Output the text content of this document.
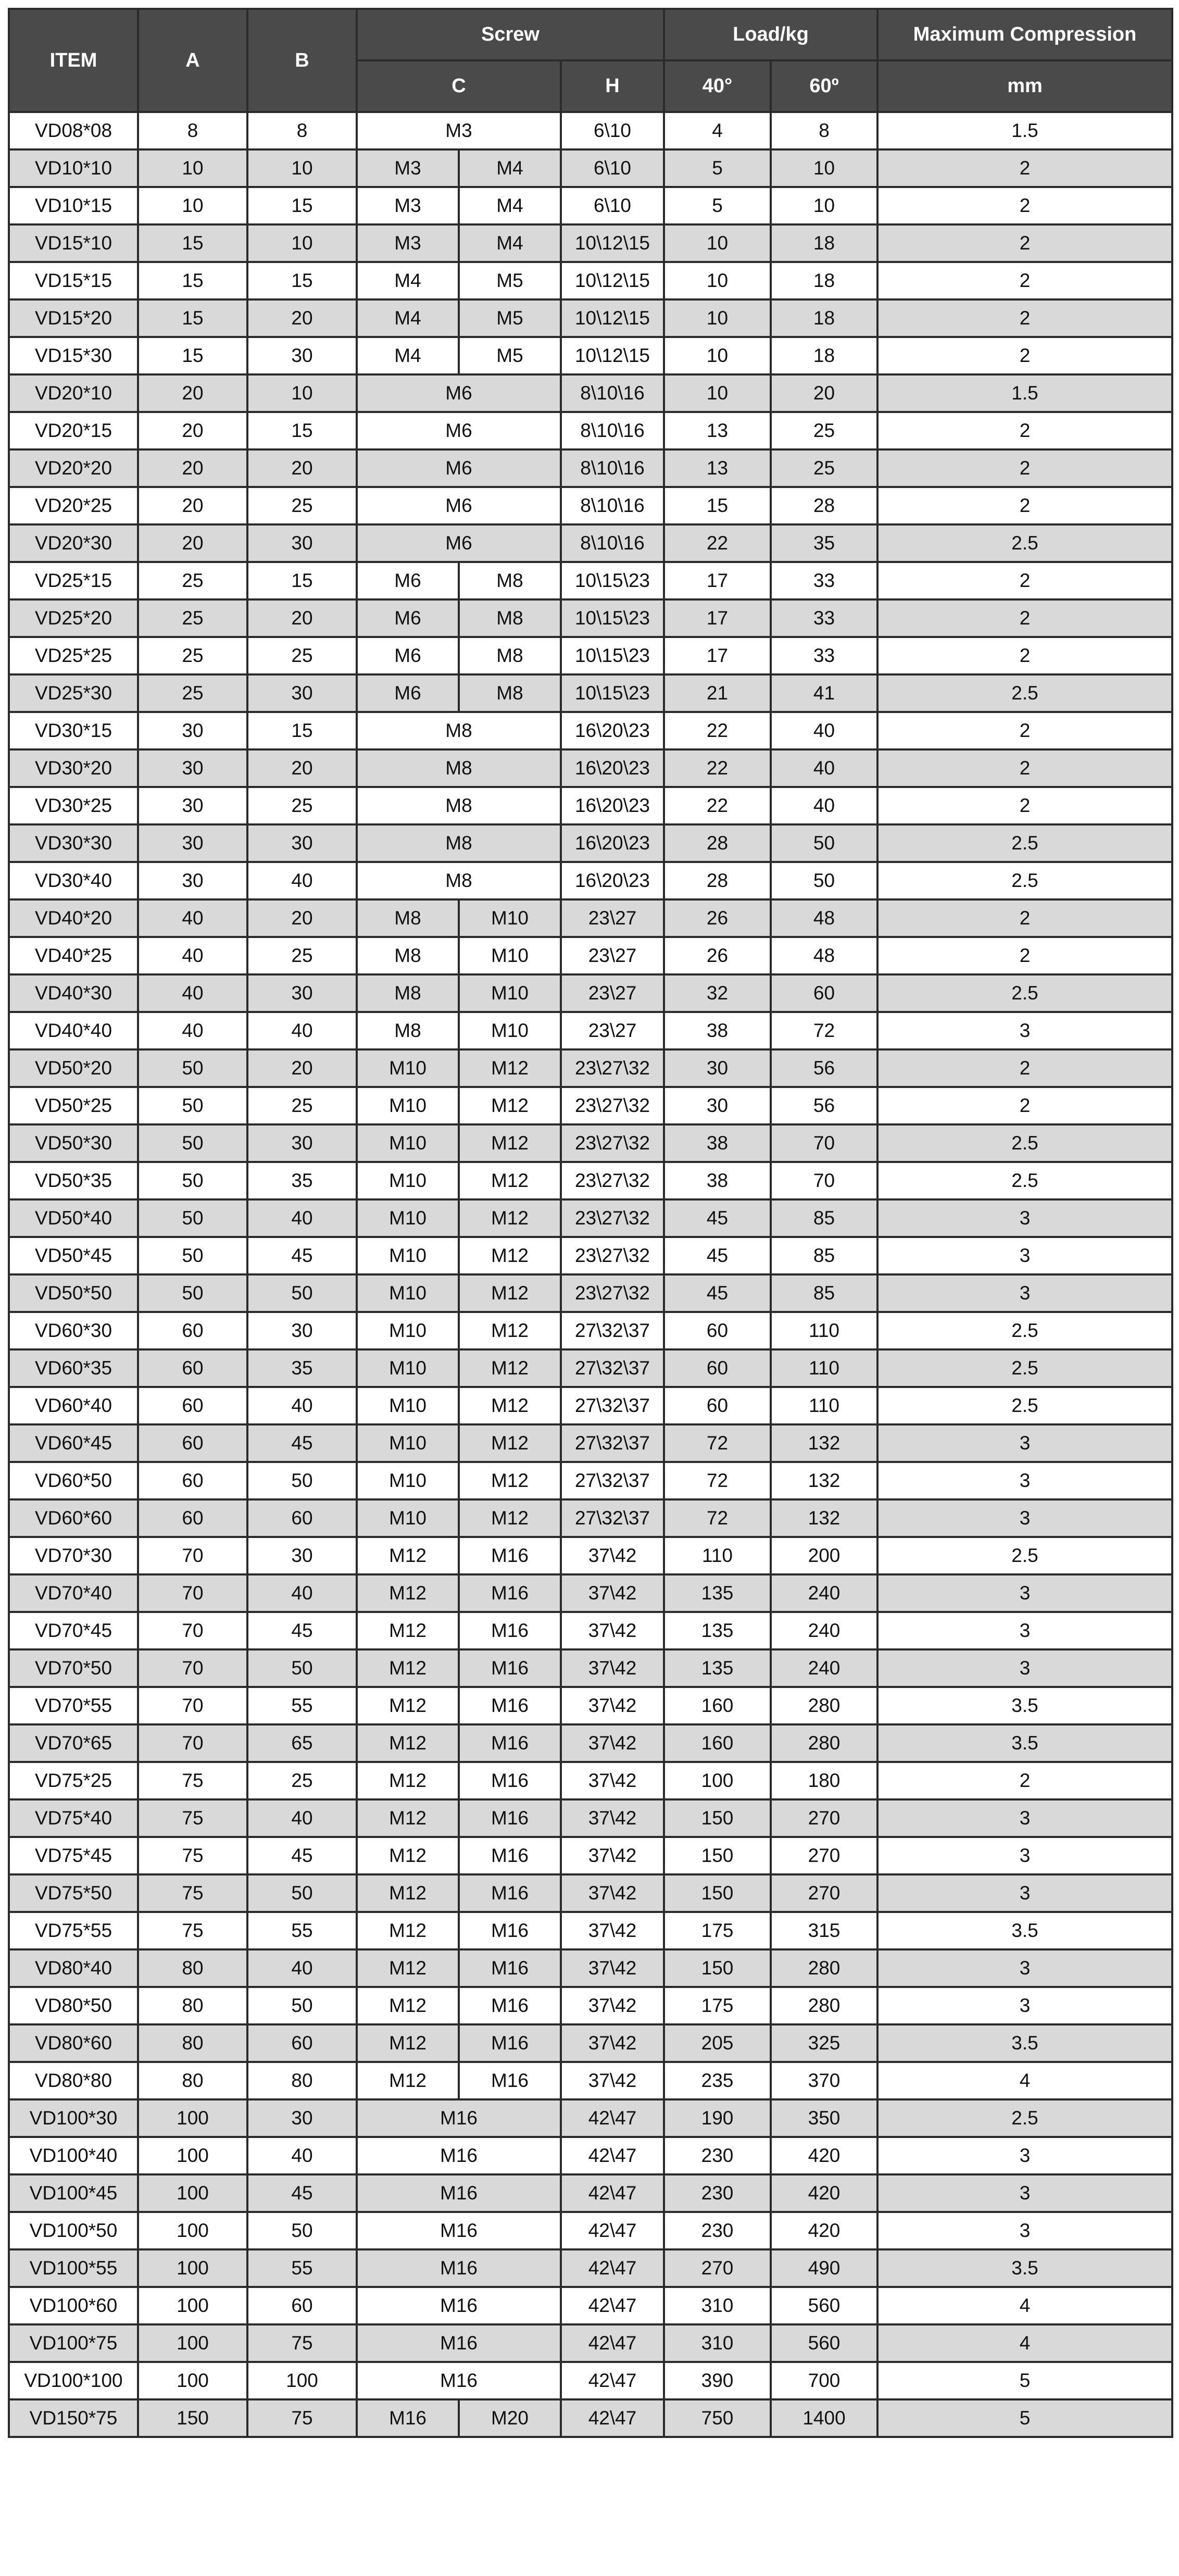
ITEM	A	B	Screw			Load/kg		Maximum Compression
			C		H	40°	60º	mm
VD08*08	8	8	M3		6\10	4	8	1.5
VD10*10	10	10	M3	M4	6\10	5	10	2
VD10*15	10	15	M3	M4	6\10	5	10	2
VD15*10	15	10	M3	M4	10\12\15	10	18	2
VD15*15	15	15	M4	M5	10\12\15	10	18	2
VD15*20	15	20	M4	M5	10\12\15	10	18	2
VD15*30	15	30	M4	M5	10\12\15	10	18	2
VD20*10	20	10	M6		8\10\16	10	20	1.5
VD20*15	20	15	M6		8\10\16	13	25	2
VD20*20	20	20	M6		8\10\16	13	25	2
VD20*25	20	25	M6		8\10\16	15	28	2
VD20*30	20	30	M6		8\10\16	22	35	2.5
VD25*15	25	15	M6	M8	10\15\23	17	33	2
VD25*20	25	20	M6	M8	10\15\23	17	33	2
VD25*25	25	25	M6	M8	10\15\23	17	33	2
VD25*30	25	30	M6	M8	10\15\23	21	41	2.5
VD30*15	30	15	M8		16\20\23	22	40	2
VD30*20	30	20	M8		16\20\23	22	40	2
VD30*25	30	25	M8		16\20\23	22	40	2
VD30*30	30	30	M8		16\20\23	28	50	2.5
VD30*40	30	40	M8		16\20\23	28	50	2.5
VD40*20	40	20	M8	M10	23\27	26	48	2
VD40*25	40	25	M8	M10	23\27	26	48	2
VD40*30	40	30	M8	M10	23\27	32	60	2.5
VD40*40	40	40	M8	M10	23\27	38	72	3
VD50*20	50	20	M10	M12	23\27\32	30	56	2
VD50*25	50	25	M10	M12	23\27\32	30	56	2
VD50*30	50	30	M10	M12	23\27\32	38	70	2.5
VD50*35	50	35	M10	M12	23\27\32	38	70	2.5
VD50*40	50	40	M10	M12	23\27\32	45	85	3
VD50*45	50	45	M10	M12	23\27\32	45	85	3
VD50*50	50	50	M10	M12	23\27\32	45	85	3
VD60*30	60	30	M10	M12	27\32\37	60	110	2.5
VD60*35	60	35	M10	M12	27\32\37	60	110	2.5
VD60*40	60	40	M10	M12	27\32\37	60	110	2.5
VD60*45	60	45	M10	M12	27\32\37	72	132	3
VD60*50	60	50	M10	M12	27\32\37	72	132	3
VD60*60	60	60	M10	M12	27\32\37	72	132	3
VD70*30	70	30	M12	M16	37\42	110	200	2.5
VD70*40	70	40	M12	M16	37\42	135	240	3
VD70*45	70	45	M12	M16	37\42	135	240	3
VD70*50	70	50	M12	M16	37\42	135	240	3
VD70*55	70	55	M12	M16	37\42	160	280	3.5
VD70*65	70	65	M12	M16	37\42	160	280	3.5
VD75*25	75	25	M12	M16	37\42	100	180	2
VD75*40	75	40	M12	M16	37\42	150	270	3
VD75*45	75	45	M12	M16	37\42	150	270	3
VD75*50	75	50	M12	M16	37\42	150	270	3
VD75*55	75	55	M12	M16	37\42	175	315	3.5
VD80*40	80	40	M12	M16	37\42	150	280	3
VD80*50	80	50	M12	M16	37\42	175	280	3
VD80*60	80	60	M12	M16	37\42	205	325	3.5
VD80*80	80	80	M12	M16	37\42	235	370	4
VD100*30	100	30	M16		42\47	190	350	2.5
VD100*40	100	40	M16		42\47	230	420	3
VD100*45	100	45	M16		42\47	230	420	3
VD100*50	100	50	M16		42\47	230	420	3
VD100*55	100	55	M16		42\47	270	490	3.5
VD100*60	100	60	M16		42\47	310	560	4
VD100*75	100	75	M16		42\47	310	560	4
VD100*100	100	100	M16		42\47	390	700	5
VD150*75	150	75	M16	M20	42\47	750	1400	5
